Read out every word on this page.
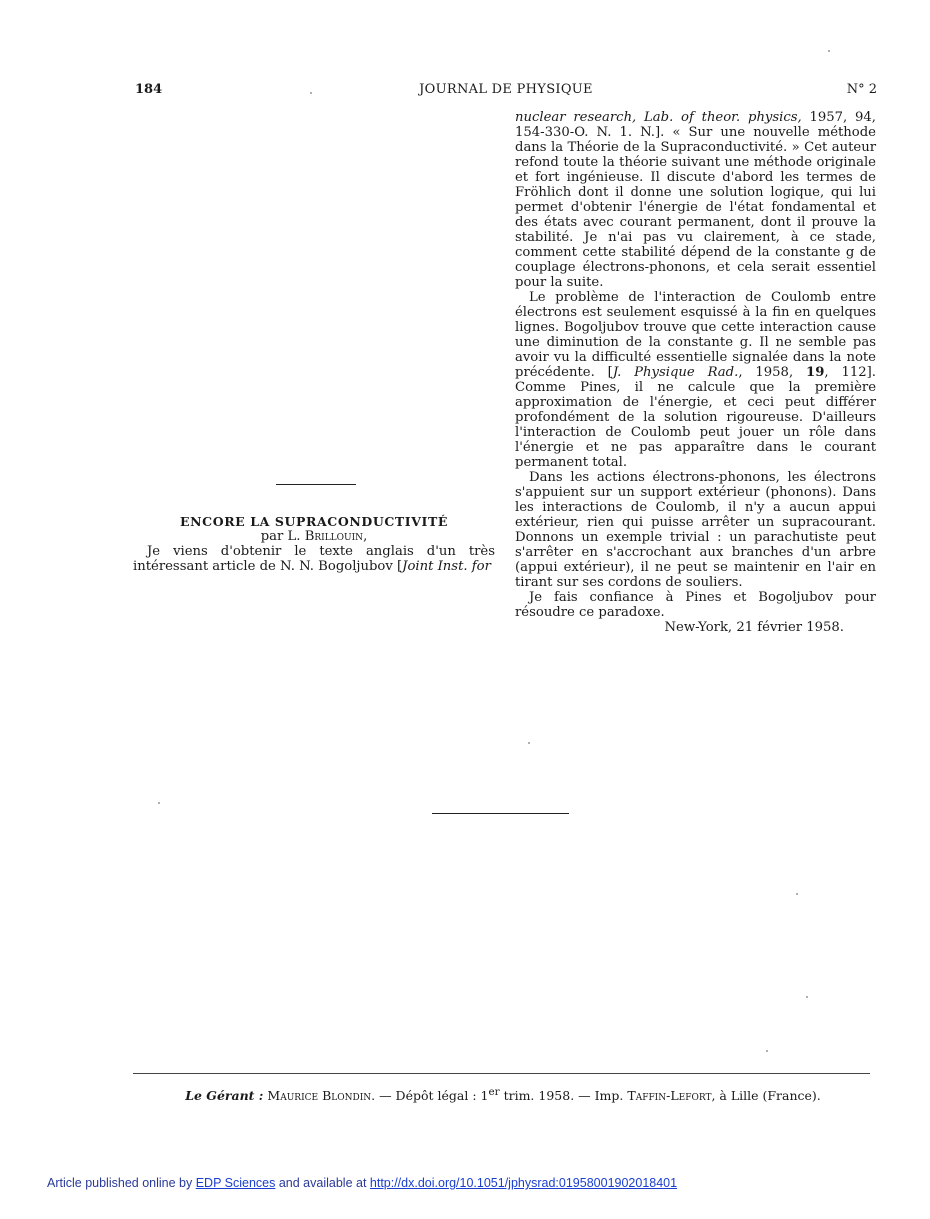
184	JOURNAL DE PHYSIQUE	N° 2

ENCORE LA SUPRACONDUCTIVITÉ

par L. Brillouin,

Je viens d'obtenir le texte anglais d'un très intéressant article de N. N. Bogoljubov [Joint Inst. for

nuclear research, Lab. of theor. physics, 1957, 94, 154-330-O. N. 1. N.]. « Sur une nouvelle méthode dans la Théorie de la Supraconductivité. » Cet auteur refond toute la théorie suivant une méthode originale et fort ingénieuse. Il discute d'abord les termes de Fröhlich dont il donne une solution logique, qui lui permet d'obtenir l'énergie de l'état fondamental et des états avec courant permanent, dont il prouve la stabilité. Je n'ai pas vu clairement, à ce stade, comment cette stabilité dépend de la constante g de couplage électrons-phonons, et cela serait essentiel pour la suite.

Le problème de l'interaction de Coulomb entre électrons est seulement esquissé à la fin en quelques lignes. Bogoljubov trouve que cette interaction cause une diminution de la constante g. Il ne semble pas avoir vu la difficulté essentielle signalée dans la note précédente. [J. Physique Rad., 1958, 19, 112]. Comme Pines, il ne calcule que la première approximation de l'énergie, et ceci peut différer profondément de la solution rigoureuse. D'ailleurs l'interaction de Coulomb peut jouer un rôle dans l'énergie et ne pas apparaître dans le courant permanent total.

Dans les actions électrons-phonons, les électrons s'appuient sur un support extérieur (phonons). Dans les interactions de Coulomb, il n'y a aucun appui extérieur, rien qui puisse arrêter un supracourant. Donnons un exemple trivial : un parachutiste peut s'arrêter en s'accrochant aux branches d'un arbre (appui extérieur), il ne peut se maintenir en l'air en tirant sur ses cordons de souliers.

Je fais confiance à Pines et Bogoljubov pour résoudre ce paradoxe.

New-York, 21 février 1958.

Le Gérant : Maurice Blondin. — Dépôt légal : 1er trim. 1958. — Imp. Taffin-Lefort, à Lille (France).
Article published online by EDP Sciences and available at http://dx.doi.org/10.1051/jphysrad:01958001902018401
